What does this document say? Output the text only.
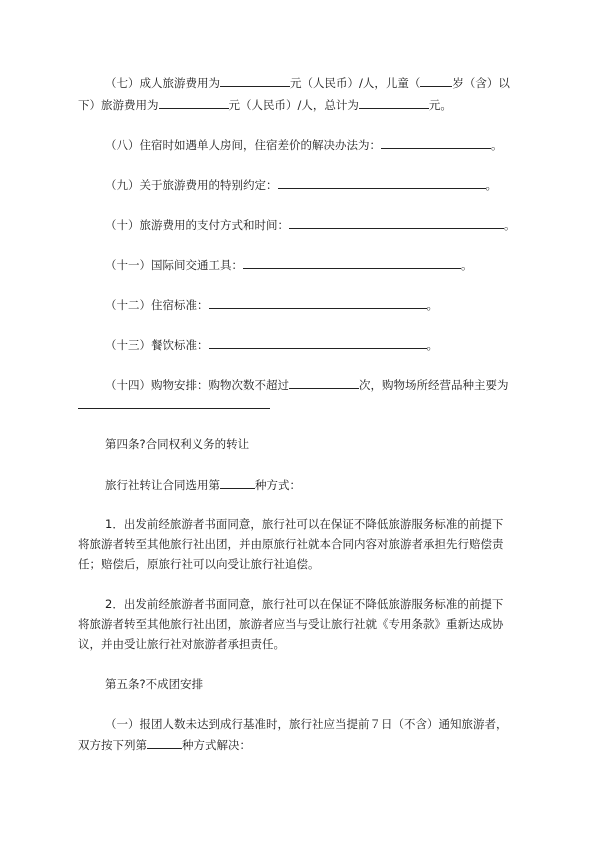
（七）成人旅游费用为	元（人民币）/人，儿童（	岁（含）以
下）旅游费用为	元（人民币）/人，总计为	元。
（八）住宿时如遇单人房间，住宿差价的解决办法为：	。
（九）关于旅游费用的特别约定：	。
（十）旅游费用的支付方式和时间：	。
（十一）国际间交通工具：	。
（十二）住宿标准：	。
（十三）餐饮标准：	。
（十四）购物安排：购物次数不超过	次，购物场所经营品种主要为
第四条?合同权利义务的转让
旅行社转让合同选用第	种方式：
1．出发前经旅游者书面同意，旅行社可以在保证不降低旅游服务标准的前提下
将旅游者转至其他旅行社出团，并由原旅行社就本合同内容对旅游者承担先行赔偿责
任；赔偿后，原旅行社可以向受让旅行社追偿。
2．出发前经旅游者书面同意，旅行社可以在保证不降低旅游服务标准的前提下
将旅游者转至其他旅行社出团，旅游者应当与受让旅行社就《专用条款》重新达成协
议，并由受让旅行社对旅游者承担责任。
第五条?不成团安排
（一）报团人数未达到成行基准时，旅行社应当提前７日（不含）通知旅游者，
双方按下列第	种方式解决：
